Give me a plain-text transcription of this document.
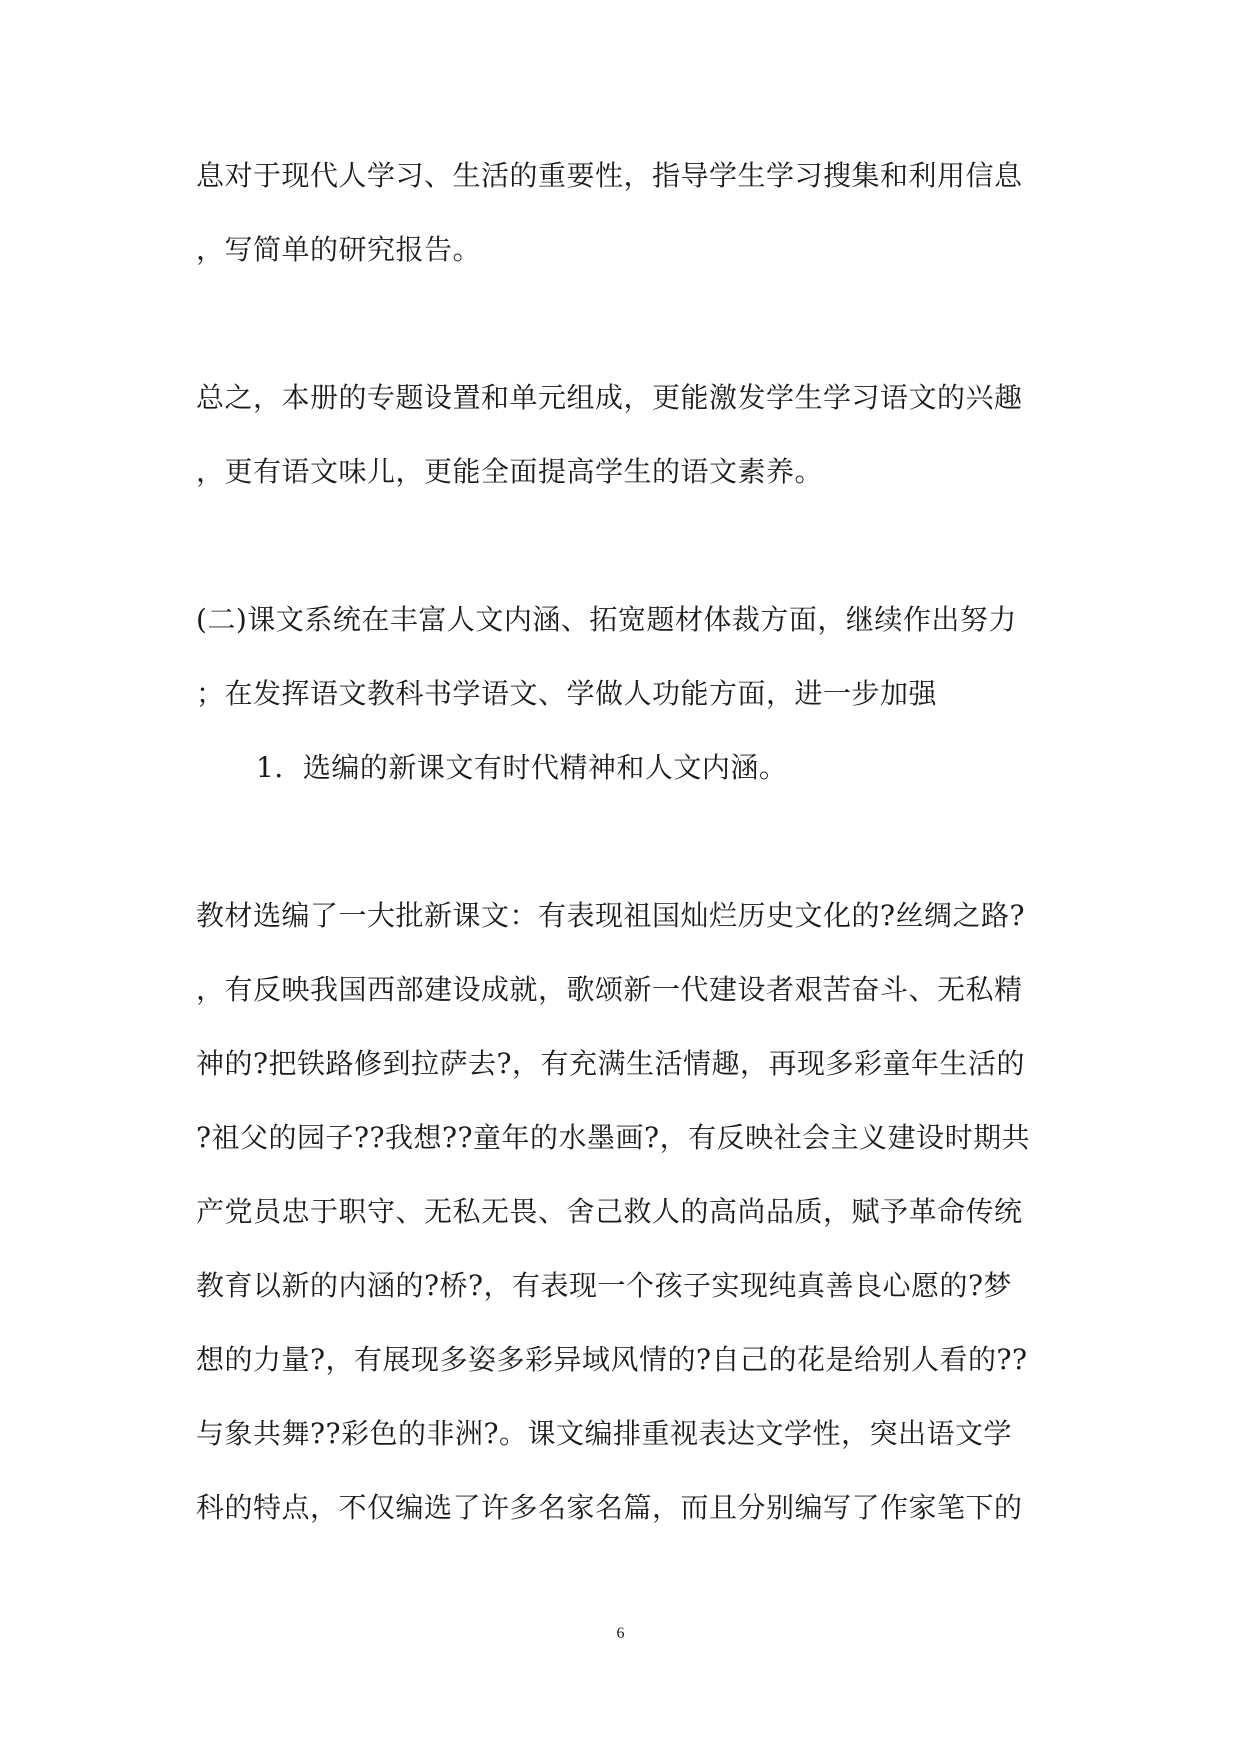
息对于现代人学习、生活的重要性，指导学生学习搜集和利用信息
，写简单的研究报告。
总之，本册的专题设置和单元组成，更能激发学生学习语文的兴趣
，更有语文味儿，更能全面提高学生的语文素养。
(二)课文系统在丰富人文内涵、拓宽题材体裁方面，继续作出努力
；在发挥语文教科书学语文、学做人功能方面，进一步加强
1．选编的新课文有时代精神和人文内涵。
教材选编了一大批新课文：有表现祖国灿烂历史文化的?丝绸之路?
，有反映我国西部建设成就，歌颂新一代建设者艰苦奋斗、无私精
神的?把铁路修到拉萨去?，有充满生活情趣，再现多彩童年生活的
?祖父的园子??我想??童年的水墨画?，有反映社会主义建设时期共
产党员忠于职守、无私无畏、舍己救人的高尚品质，赋予革命传统
教育以新的内涵的?桥?，有表现一个孩子实现纯真善良心愿的?梦
想的力量?，有展现多姿多彩异域风情的?自己的花是给别人看的??
与象共舞??彩色的非洲?。课文编排重视表达文学性，突出语文学
科的特点，不仅编选了许多名家名篇，而且分别编写了作家笔下的
6
